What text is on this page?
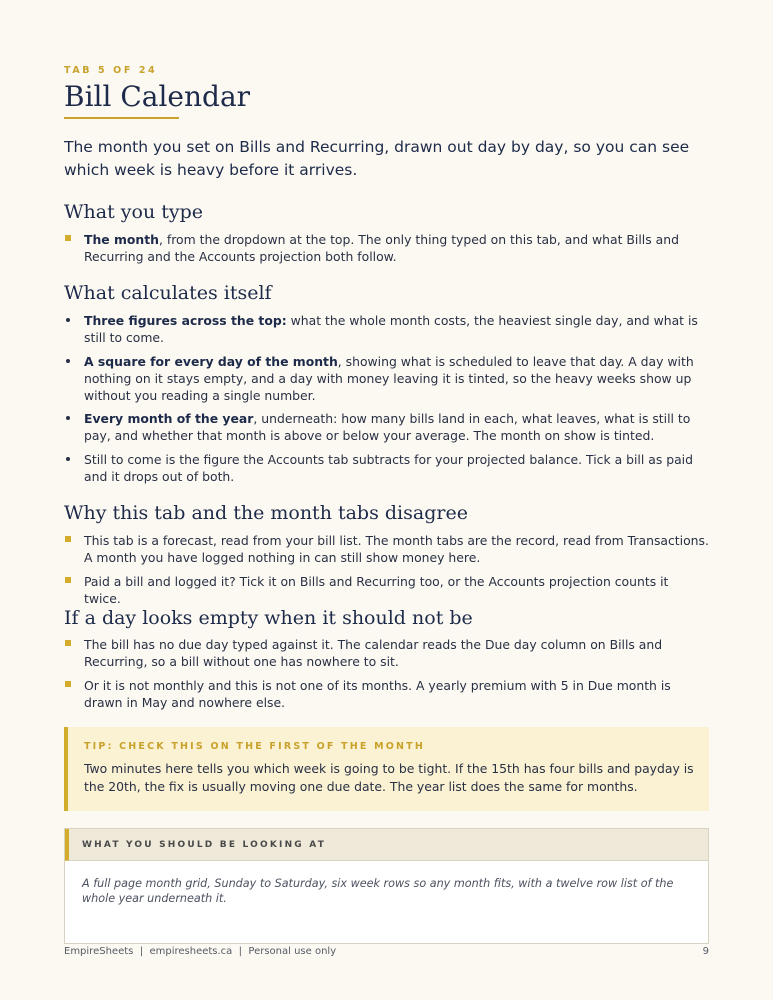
TAB 5 OF 24
Bill Calendar

The month you set on Bills and Recurring, drawn out day by day, so you can see which week is heavy before it arrives.

What you type
The month, from the dropdown at the top. The only thing typed on this tab, and what Bills and Recurring and the Accounts projection both follow.
What calculates itself
Three figures across the top: what the whole month costs, the heaviest single day, and what is still to come.
A square for every day of the month, showing what is scheduled to leave that day. A day with nothing on it stays empty, and a day with money leaving it is tinted, so the heavy weeks show up without you reading a single number.
Every month of the year, underneath: how many bills land in each, what leaves, what is still to pay, and whether that month is above or below your average. The month on show is tinted.
Still to come is the figure the Accounts tab subtracts for your projected balance. Tick a bill as paid and it drops out of both.
Why this tab and the month tabs disagree
This tab is a forecast, read from your bill list. The month tabs are the record, read from Transactions. A month you have logged nothing in can still show money here.
Paid a bill and logged it? Tick it on Bills and Recurring too, or the Accounts projection counts it twice.
If a day looks empty when it should not be
The bill has no due day typed against it. The calendar reads the Due day column on Bills and Recurring, so a bill without one has nowhere to sit.
Or it is not monthly and this is not one of its months. A yearly premium with 5 in Due month is drawn in May and nowhere else.
TIP: CHECK THIS ON THE FIRST OF THE MONTH

Two minutes here tells you which week is going to be tight. If the 15th has four bills and payday is the 20th, the fix is usually moving one due date. The year list does the same for months.

WHAT YOU SHOULD BE LOOKING AT

A full page month grid, Sunday to Saturday, six week rows so any month fits, with a twelve row list of the whole year underneath it.

EmpireSheets  |  empiresheets.ca  |  Personal use only	9
